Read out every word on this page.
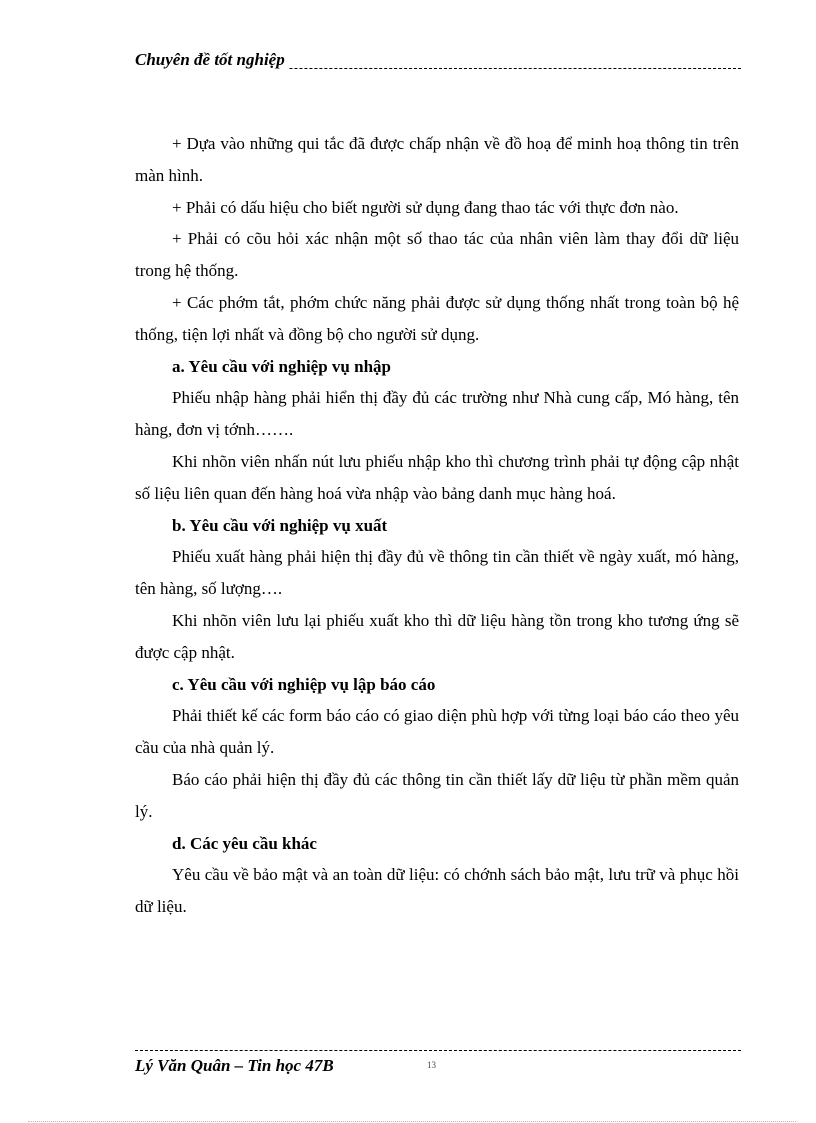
Chuyên đề tốt nghiệp

+ Dựa vào những qui tắc đã được chấp nhận về đồ hoạ để minh hoạ thông tin trên màn hình.

+ Phải có dấu hiệu cho biết người sử dụng đang thao tác với thực đơn nào.

+ Phải có cõu hỏi xác nhận một số thao tác của nhân viên làm thay đổi dữ liệu trong hệ thống.

+ Các phớm tắt, phớm chức năng phải được sử dụng thống nhất trong toàn bộ hệ thống, tiện lợi nhất và đồng bộ cho người sử dụng.

a. Yêu cầu với nghiệp vụ nhập

Phiếu nhập hàng phải hiển thị đầy đủ các trường như Nhà cung cấp, Mó hàng, tên hàng, đơn vị tớnh…….

Khi nhõn viên nhấn nút lưu phiếu nhập kho thì chương trình phải tự động cập nhật số liệu liên quan đến hàng hoá vừa nhập vào bảng danh mục hàng hoá.

b. Yêu cầu với nghiệp vụ xuất

Phiếu xuất hàng phải hiện thị đầy đủ về thông tin cần thiết về ngày xuất, mó hàng, tên hàng, số lượng….

Khi nhõn viên lưu lại phiếu xuất kho thì dữ liệu hàng tồn trong kho tương ứng sẽ được cập nhật.

c. Yêu cầu với nghiệp vụ lập báo cáo

Phải thiết kế các form báo cáo có giao diện phù hợp với từng loại báo cáo theo yêu cầu của nhà quản lý.

Báo cáo phải hiện thị đầy đủ các thông tin cần thiết lấy dữ liệu từ phần mềm quản lý.

d. Các yêu cầu khác

Yêu cầu về bảo mật và an toàn dữ liệu: có chớnh sách bảo mật, lưu trữ và phục hồi dữ liệu.

Lý Văn Quân – Tin học 47B	13
